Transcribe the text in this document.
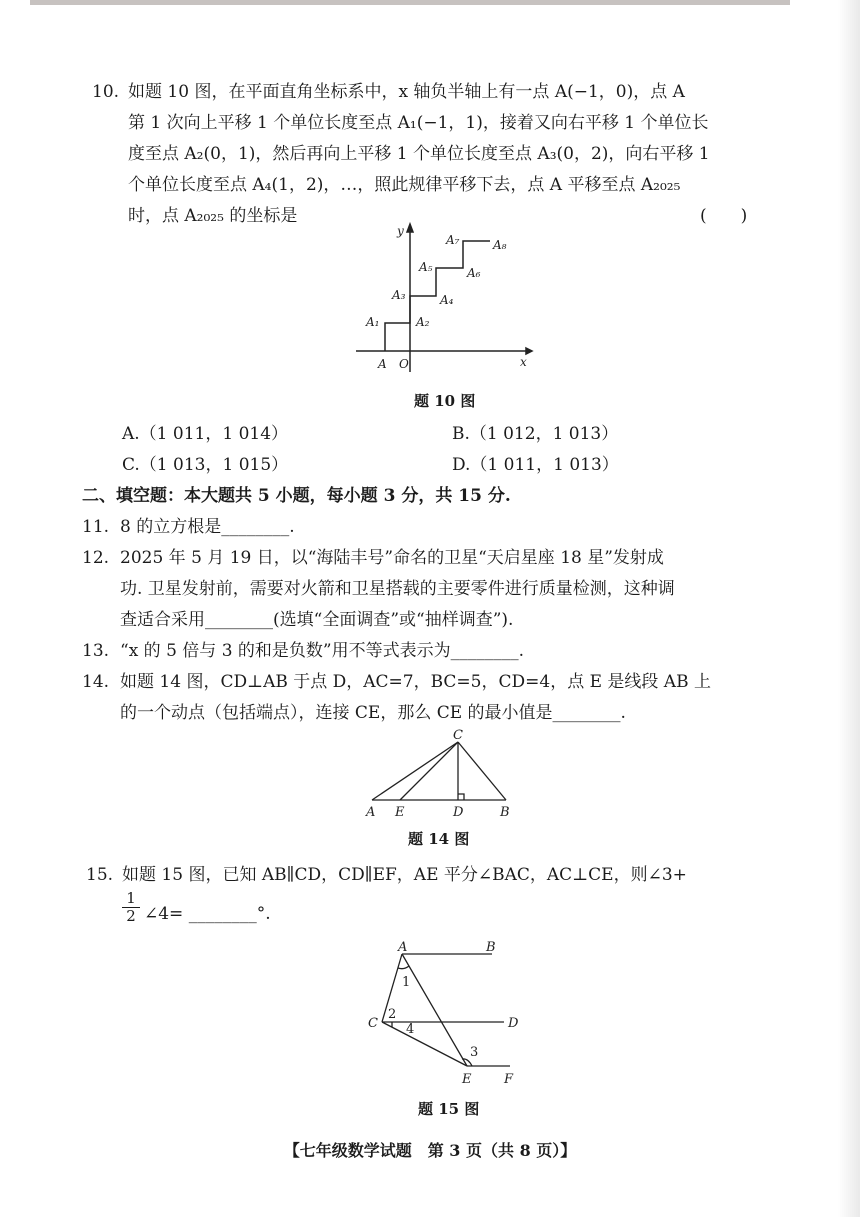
10. 如题 10 图，在平面直角坐标系中，x 轴负半轴上有一点 A(−1，0)，点 A
第 1 次向上平移 1 个单位长度至点 A₁(−1，1)，接着又向右平移 1 个单位长
度至点 A₂(0，1)，然后再向上平移 1 个单位长度至点 A₃(0，2)，向右平移 1
个单位长度至点 A₄(1，2)，…，照此规律平移下去，点 A 平移至点 A₂₀₂₅
时，点 A₂₀₂₅ 的坐标是	(　　)
y
x
O
A
A₁	A₂
A₃	A₄
A₅	A₆
A₇	A₈
题 10 图
A.（1 011，1 014）	B.（1 012，1 013）
C.（1 013，1 015）	D.（1 011，1 013）
二、填空题：本大题共 5 小题，每小题 3 分，共 15 分.
11. 8 的立方根是________.
12. 2025 年 5 月 19 日，以“海陆丰号”命名的卫星“天启星座 18 星”发射成
功. 卫星发射前，需要对火箭和卫星搭载的主要零件进行质量检测，这种调
查适合采用________(选填“全面调查”或“抽样调查”).
13. “x 的 5 倍与 3 的和是负数”用不等式表示为________.
14. 如题 14 图，CD⊥AB 于点 D，AC=7，BC=5，CD=4，点 E 是线段 AB 上
的一个动点（包括端点），连接 CE，那么 CE 的最小值是________.
C
A E	D	B
题 14 图
15. 如题 15 图，已知 AB∥CD，CD∥EF，AE 平分∠BAC，AC⊥CE，则∠3+
$\frac{1}{2}$ ∠4= ________°.
A	B
C	D
E	F
1
2
3
4
题 15 图
【七年级数学试题　第 3 页（共 8 页）】
